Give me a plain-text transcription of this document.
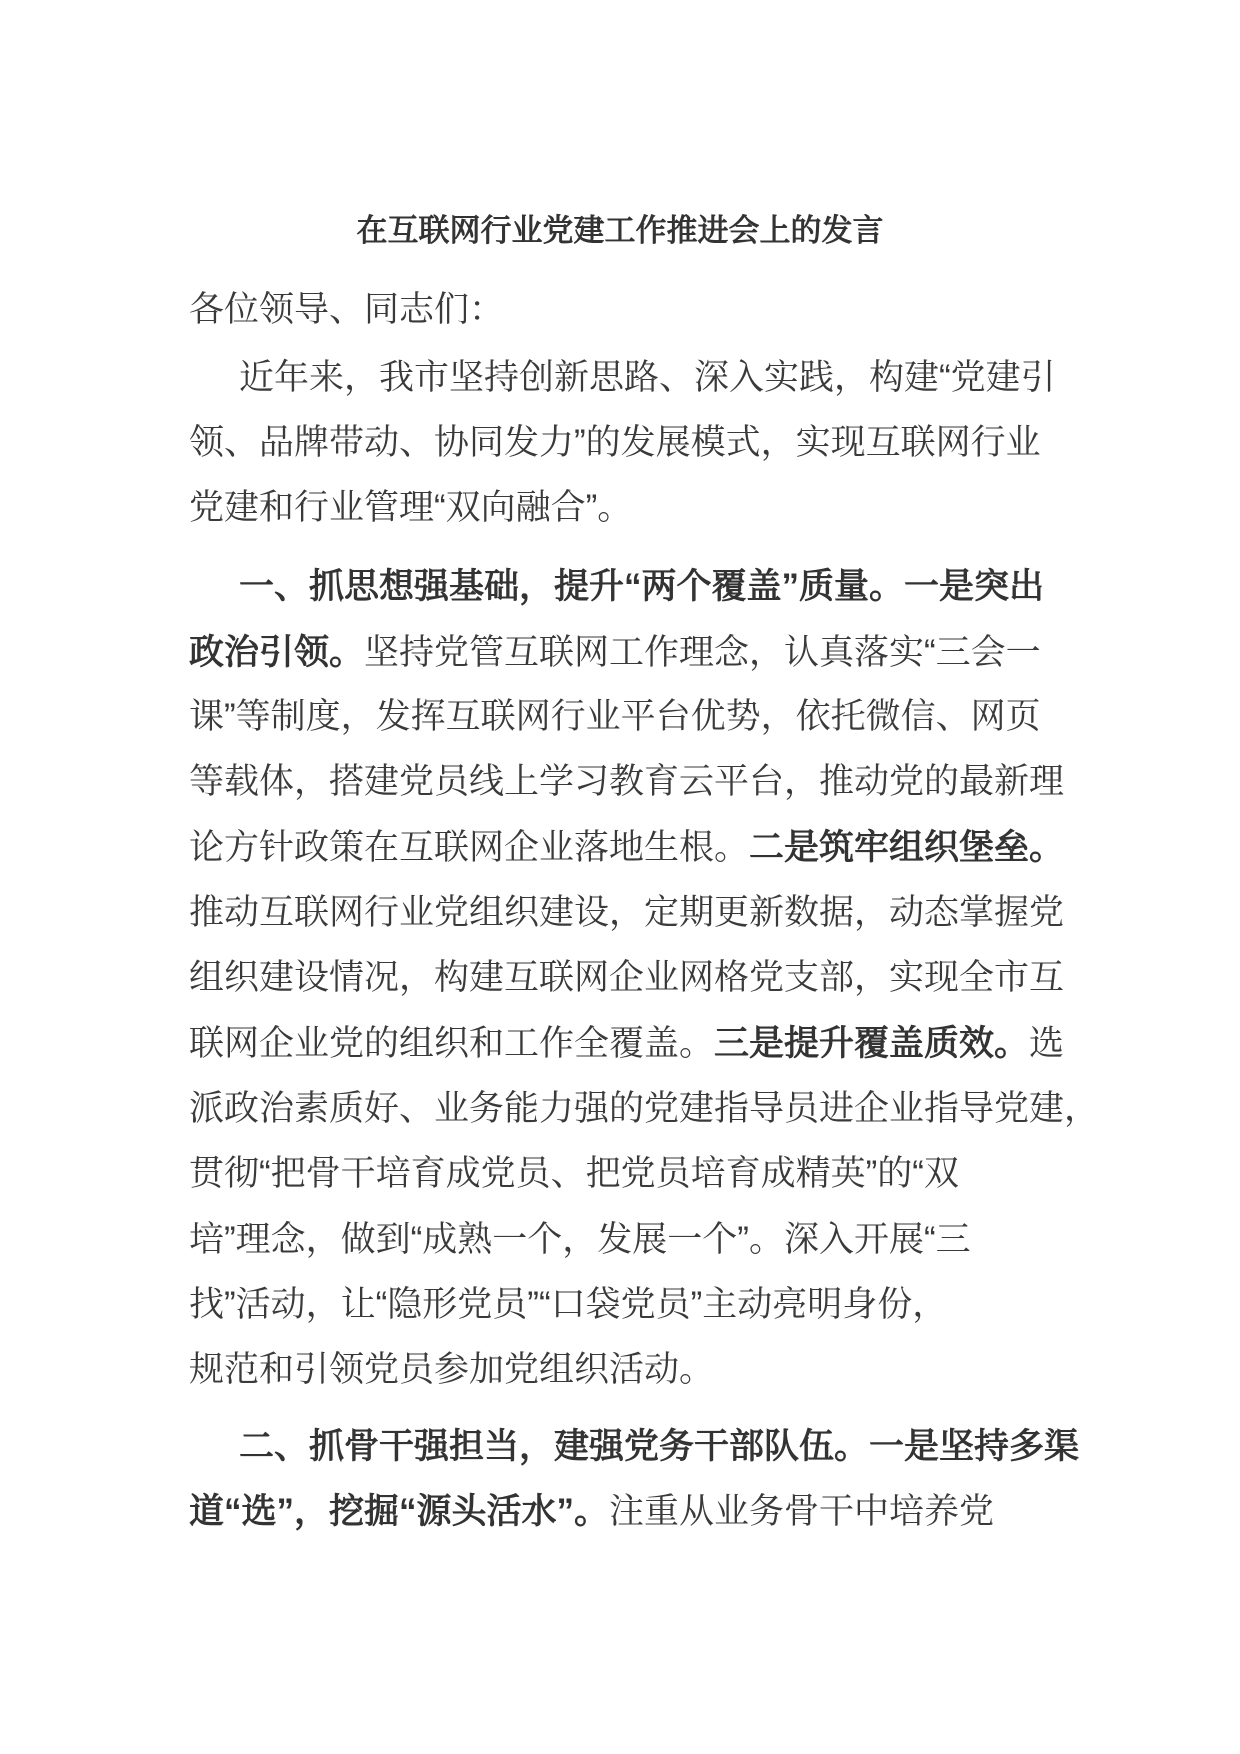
在互联网行业党建工作推进会上的发言
各位领导、同志们：
近年来，我市坚持创新思路、深入实践，构建“党建引
领、品牌带动、协同发力”的发展模式，实现互联网行业
党建和行业管理“双向融合”。
一、抓思想强基础，提升“两个覆盖”质量。一是突出
政治引领。坚持党管互联网工作理念，认真落实“三会一
课”等制度，发挥互联网行业平台优势，依托微信、网页
等载体，搭建党员线上学习教育云平台，推动党的最新理
论方针政策在互联网企业落地生根。二是筑牢组织堡垒。
推动互联网行业党组织建设，定期更新数据，动态掌握党
组织建设情况，构建互联网企业网格党支部，实现全市互
联网企业党的组织和工作全覆盖。三是提升覆盖质效。选
派政治素质好、业务能力强的党建指导员进企业指导党建，
贯彻“把骨干培育成党员、把党员培育成精英”的“双
培”理念，做到“成熟一个，发展一个”。深入开展“三
找”活动，让“隐形党员”“口袋党员”主动亮明身份，
规范和引领党员参加党组织活动。
二、抓骨干强担当，建强党务干部队伍。一是坚持多渠
道“选”，挖掘“源头活水”。注重从业务骨干中培养党
